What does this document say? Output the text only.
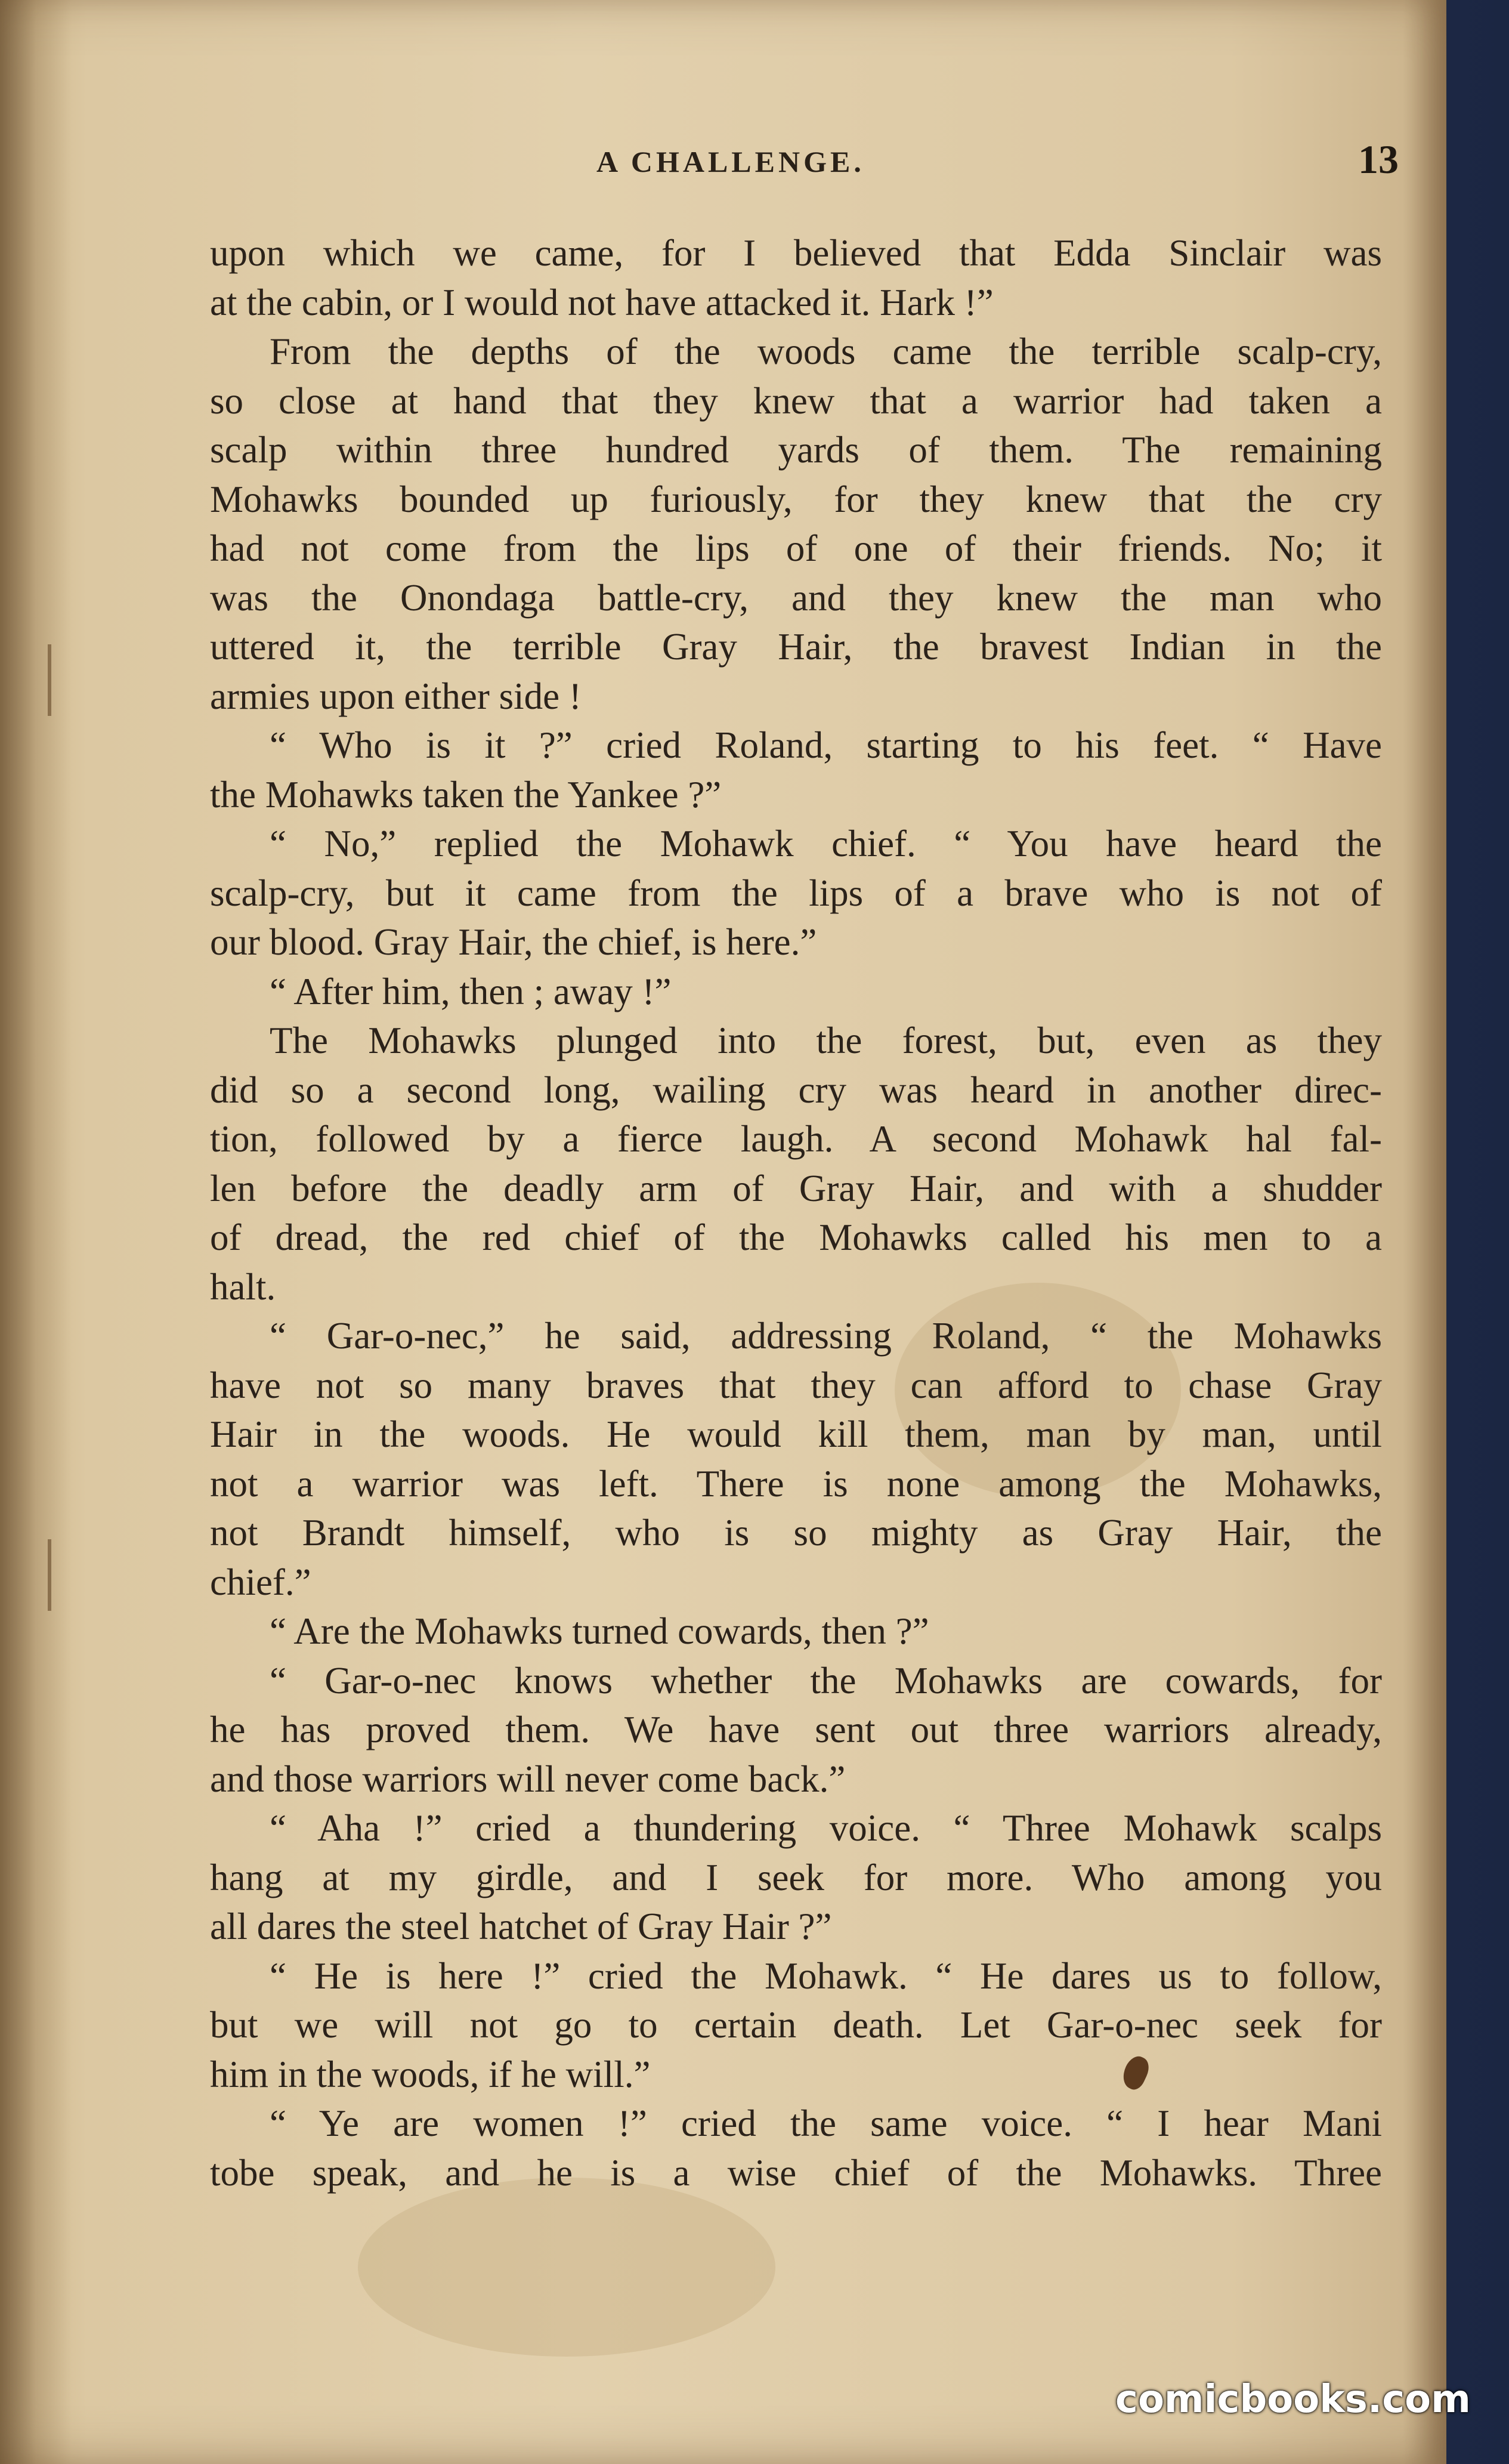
A CHALLENGE.	13
upon which we came, for I believed that Edda Sinclair was
at the cabin, or I would not have attacked it. Hark !”
From the depths of the woods came the terrible scalp-cry,
so close at hand that they knew that a warrior had taken a
scalp within three hundred yards of them. The remaining
Mohawks bounded up furiously, for they knew that the cry
had not come from the lips of one of their friends. No; it
was the Onondaga battle-cry, and they knew the man who
uttered it, the terrible Gray Hair, the bravest Indian in the
armies upon either side !
“ Who is it ?” cried Roland, starting to his feet. “ Have
the Mohawks taken the Yankee ?”
“ No,” replied the Mohawk chief. “ You have heard the
scalp-cry, but it came from the lips of a brave who is not of
our blood. Gray Hair, the chief, is here.”
“ After him, then ; away !”
The Mohawks plunged into the forest, but, even as they
did so a second long, wailing cry was heard in another direc-
tion, followed by a fierce laugh. A second Mohawk hal fal-
len before the deadly arm of Gray Hair, and with a shudder
of dread, the red chief of the Mohawks called his men to a
halt.
“ Gar-o-nec,” he said, addressing Roland, “ the Mohawks
have not so many braves that they can afford to chase Gray
Hair in the woods. He would kill them, man by man, until
not a warrior was left. There is none among the Mohawks,
not Brandt himself, who is so mighty as Gray Hair, the
chief.”
“ Are the Mohawks turned cowards, then ?”
“ Gar-o-nec knows whether the Mohawks are cowards, for
he has proved them. We have sent out three warriors already,
and those warriors will never come back.”
“ Aha !” cried a thundering voice. “ Three Mohawk scalps
hang at my girdle, and I seek for more. Who among you
all dares the steel hatchet of Gray Hair ?”
“ He is here !” cried the Mohawk. “ He dares us to follow,
but we will not go to certain death. Let Gar-o-nec seek for
him in the woods, if he will.”
“ Ye are women !” cried the same voice. “ I hear Mani
tobe speak, and he is a wise chief of the Mohawks. Three
comicbooks.com
